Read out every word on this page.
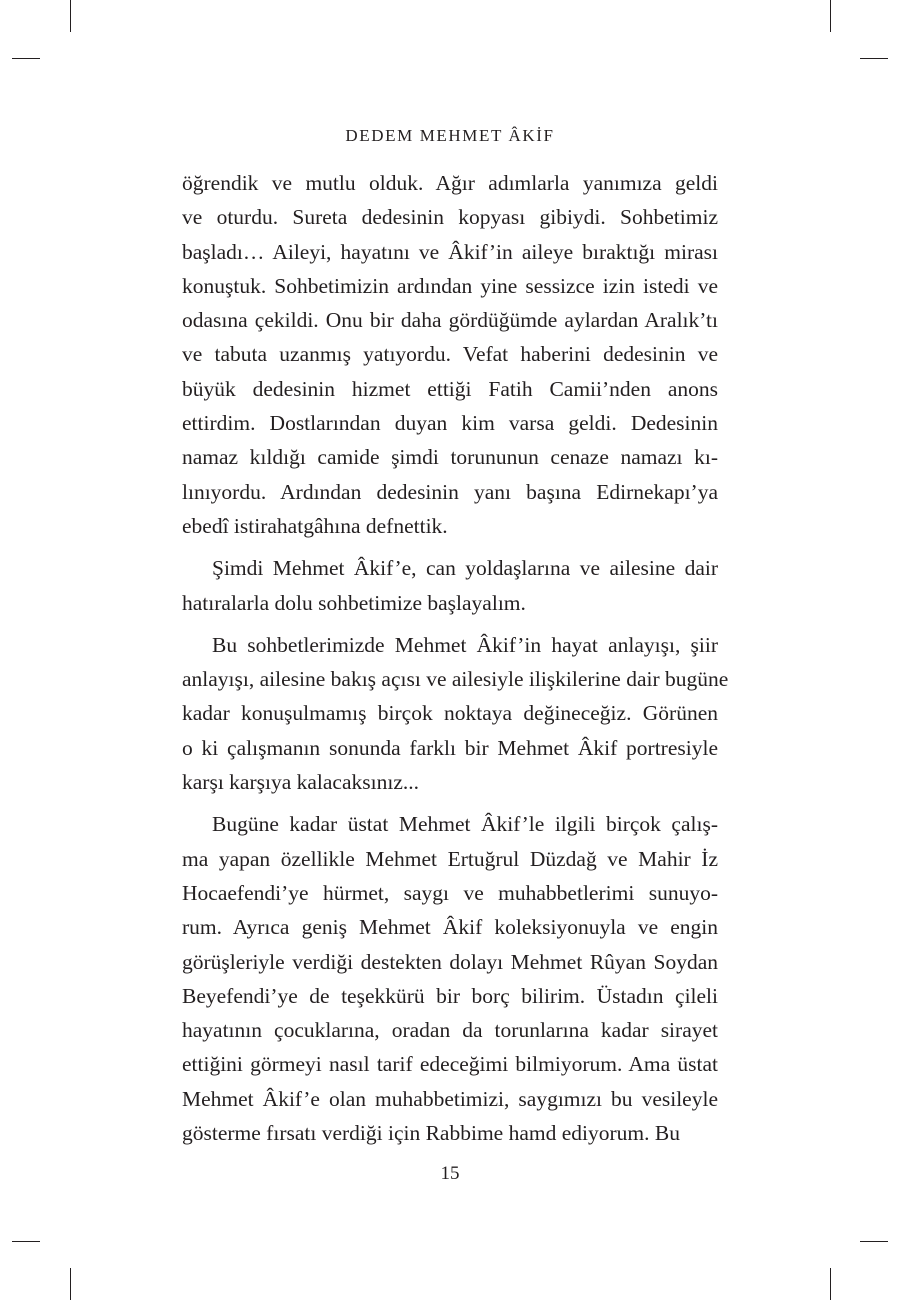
DEDEM MEHMET ÂKİF

öğrendik ve mutlu olduk. Ağır adımlarla yanımıza geldi
ve oturdu. Sureta dedesinin kopyası gibiydi. Sohbetimiz
başladı… Aileyi, hayatını ve Âkif’in aileye bıraktığı mirası
konuştuk. Sohbetimizin ardından yine sessizce izin istedi ve
odasına çekildi. Onu bir daha gördüğümde aylardan Aralık’tı
ve tabuta uzanmış yatıyordu. Vefat haberini dedesinin ve
büyük dedesinin hizmet ettiği Fatih Camii’nden anons
ettirdim. Dostlarından duyan kim varsa geldi. Dedesinin
namaz kıldığı camide şimdi torununun cenaze namazı kı-
lınıyordu. Ardından dedesinin yanı başına Edirnekapı’ya
ebedî istirahatgâhına defnettik.

Şimdi Mehmet Âkif’e, can yoldaşlarına ve ailesine dair
hatıralarla dolu sohbetimize başlayalım.

Bu sohbetlerimizde Mehmet Âkif’in hayat anlayışı, şiir
anlayışı, ailesine bakış açısı ve ailesiyle ilişkilerine dair bugüne
kadar konuşulmamış birçok noktaya değineceğiz. Görünen
o ki çalışmanın sonunda farklı bir Mehmet Âkif portresiyle
karşı karşıya kalacaksınız...

Bugüne kadar üstat Mehmet Âkif’le ilgili birçok çalış-
ma yapan özellikle Mehmet Ertuğrul Düzdağ ve Mahir İz
Hocaefendi’ye hürmet, saygı ve muhabbetlerimi sunuyo-
rum. Ayrıca geniş Mehmet Âkif koleksiyonuyla ve engin
görüşleriyle verdiği destekten dolayı Mehmet Rûyan Soydan
Beyefendi’ye de teşekkürü bir borç bilirim. Üstadın çileli
hayatının çocuklarına, oradan da torunlarına kadar sirayet
ettiğini görmeyi nasıl tarif edeceğimi bilmiyorum. Ama üstat
Mehmet Âkif’e olan muhabbetimizi, saygımızı bu vesileyle
gösterme fırsatı verdiği için Rabbime hamd ediyorum. Bu

15
